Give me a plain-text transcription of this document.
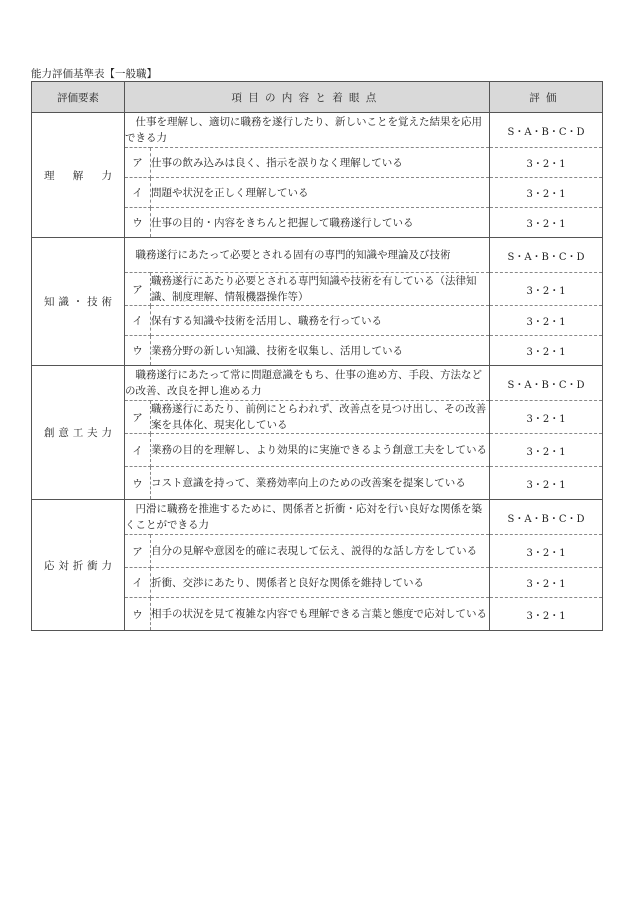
能力評価基準表【一般職】
評価要素	項目の内容と着眼点		評価

理 解 力	仕事を理解し、適切に職務を遂行したり、新しいことを覚えた結果を応用できる力		S・A・B・C・D
	ア	仕事の飲み込みは良く、指示を誤りなく理解している	3・2・1
	イ	問題や状況を正しく理解している	3・2・1
	ウ	仕事の目的・内容をきちんと把握して職務遂行している	3・2・1

知 識 ・ 技 術	職務遂行にあたって必要とされる固有の専門的知識や理論及び技術		S・A・B・C・D
	ア	職務遂行にあたり必要とされる専門知識や技術を有している（法律知識、制度理解、情報機器操作等）	3・2・1
	イ	保有する知識や技術を活用し、職務を行っている	3・2・1
	ウ	業務分野の新しい知識、技術を収集し、活用している	3・2・1

創 意 工 夫 力	職務遂行にあたって常に問題意識をもち、仕事の進め方、手段、方法などの改善、改良を押し進める力		S・A・B・C・D
	ア	職務遂行にあたり、前例にとらわれず、改善点を見つけ出し、その改善案を具体化、現実化している	3・2・1
	イ	業務の目的を理解し、より効果的に実施できるよう創意工夫をしている	3・2・1
	ウ	コスト意識を持って、業務効率向上のための改善案を提案している	3・2・1

応 対 折 衝 力	円滑に職務を推進するために、関係者と折衝・応対を行い良好な関係を築くことができる力		S・A・B・C・D
	ア	自分の見解や意図を的確に表現して伝え、説得的な話し方をしている	3・2・1
	イ	折衝、交渉にあたり、関係者と良好な関係を維持している	3・2・1
	ウ	相手の状況を見て複雑な内容でも理解できる言葉と態度で応対している	3・2・1
